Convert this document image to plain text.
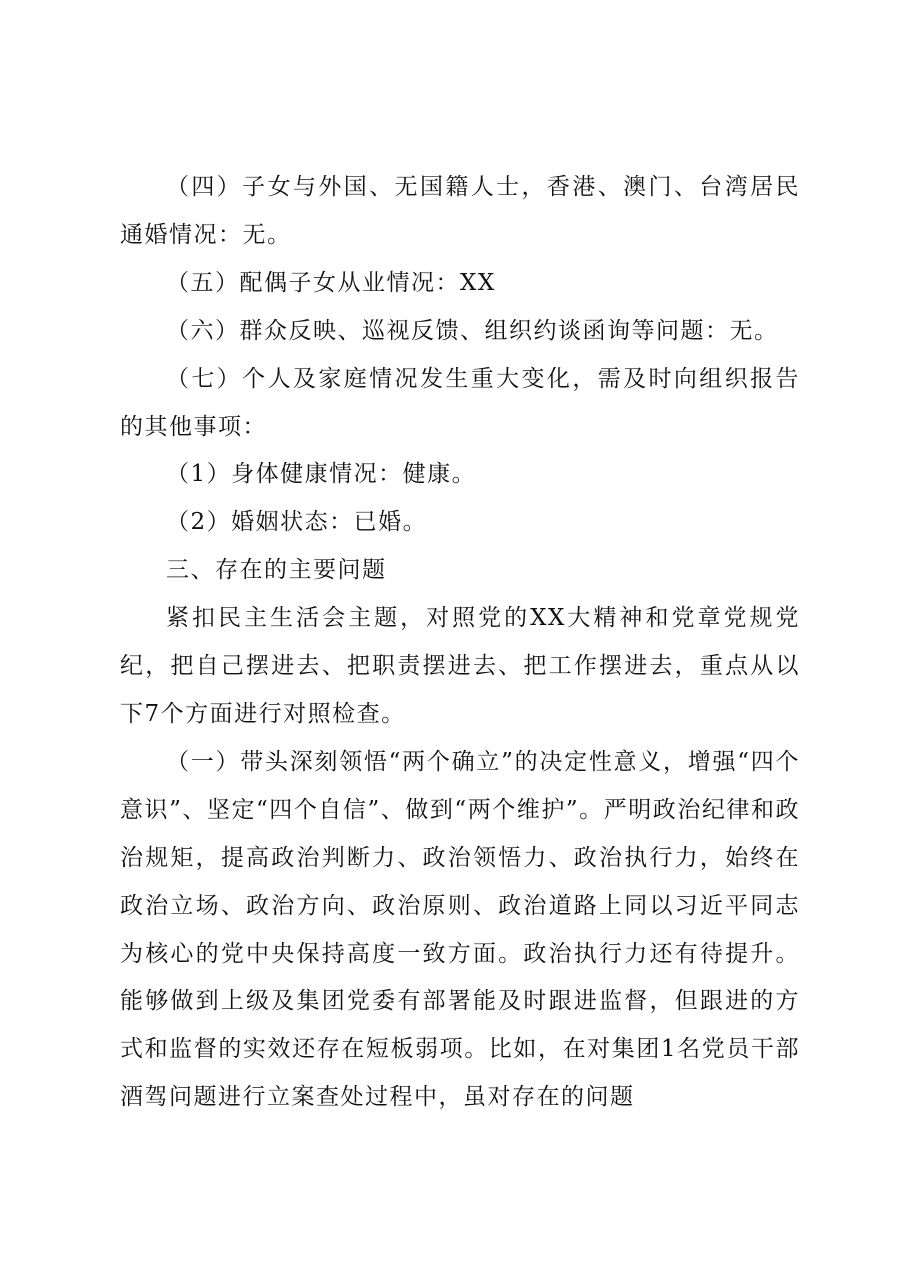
（四）子女与外国、无国籍人士，香港、澳门、台湾居民通婚情况：无。

（五）配偶子女从业情况：XX

（六）群众反映、巡视反馈、组织约谈函询等问题：无。

（七）个人及家庭情况发生重大变化，需及时向组织报告的其他事项：

（1）身体健康情况：健康。

（2）婚姻状态：已婚。

三、存在的主要问题

紧扣民主生活会主题，对照党的XX大精神和党章党规党纪，把自己摆进去、把职责摆进去、把工作摆进去，重点从以下7个方面进行对照检查。

（一）带头深刻领悟“两个确立”的决定性意义，增强“四个意识”、坚定“四个自信”、做到“两个维护”。严明政治纪律和政治规矩，提高政治判断力、政治领悟力、政治执行力，始终在政治立场、政治方向、政治原则、政治道路上同以习近平同志为核心的党中央保持高度一致方面。政治执行力还有待提升。能够做到上级及集团党委有部署能及时跟进监督，但跟进的方式和监督的实效还存在短板弱项。比如，在对集团1名党员干部酒驾问题进行立案查处过程中，虽对存在的问题
